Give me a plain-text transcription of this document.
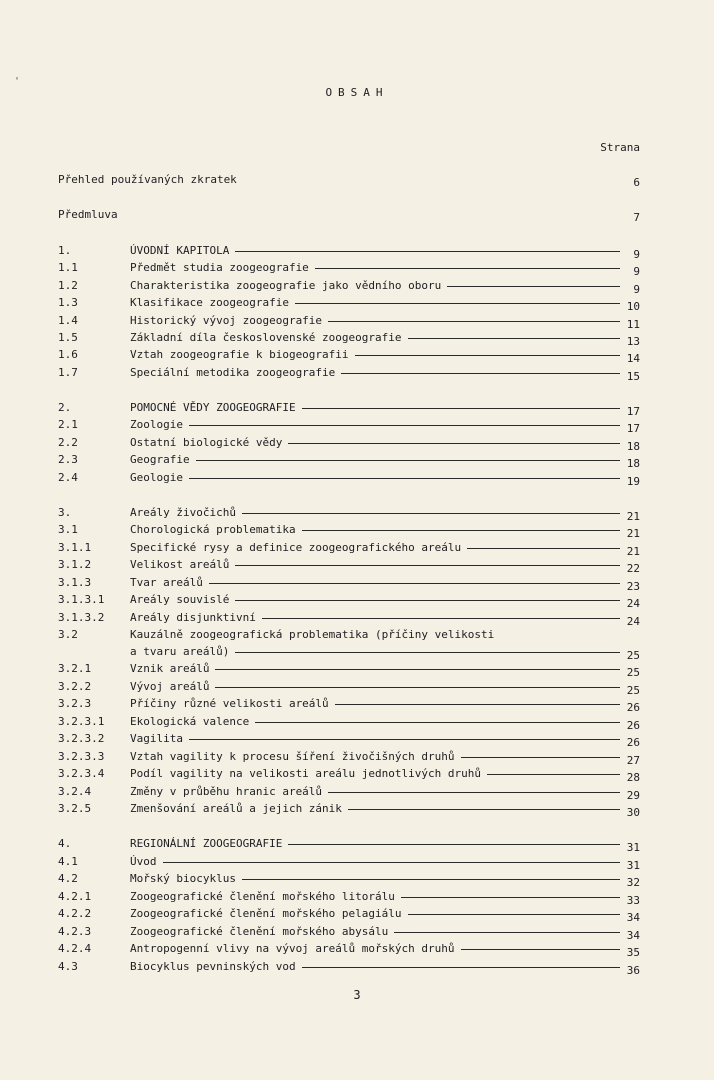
'
OBSAH
Strana
Přehled používaných zkratek	6
Předmluva	7
1.	ÚVODNÍ KAPITOLA	9
1.1	Předmět studia zoogeografie	9
1.2	Charakteristika zoogeografie jako vědního oboru	9
1.3	Klasifikace zoogeografie	10
1.4	Historický vývoj zoogeografie	11
1.5	Základní díla československé zoogeografie	13
1.6	Vztah zoogeografie k biogeografii	14
1.7	Speciální metodika zoogeografie	15
2.	POMOCNÉ VĚDY ZOOGEOGRAFIE	17
2.1	Zoologie	17
2.2	Ostatní biologické vědy	18
2.3	Geografie	18
2.4	Geologie	19
3.	Areály živočichů	21
3.1	Chorologická problematika	21
3.1.1	Specifické rysy a definice zoogeografického areálu	21
3.1.2	Velikost areálů	22
3.1.3	Tvar areálů	23
3.1.3.1	Areály souvislé	24
3.1.3.2	Areály disjunktivní	24
3.2	Kauzálně zoogeografická problematika (příčiny velikosti
a tvaru areálů)	25
3.2.1	Vznik areálů	25
3.2.2	Vývoj areálů	25
3.2.3	Příčiny různé velikosti areálů	26
3.2.3.1	Ekologická valence	26
3.2.3.2	Vagilita	26
3.2.3.3	Vztah vagility k procesu šíření živočišných druhů	27
3.2.3.4	Podíl vagility na velikosti areálu jednotlivých druhů	28
3.2.4	Změny v průběhu hranic areálů	29
3.2.5	Zmenšování areálů a jejich zánik	30
4.	REGIONÁLNÍ ZOOGEOGRAFIE	31
4.1	Úvod	31
4.2	Mořský biocyklus	32
4.2.1	Zoogeografické členění mořského litorálu	33
4.2.2	Zoogeografické členění mořského pelagiálu	34
4.2.3	Zoogeografické členění mořského abysálu	34
4.2.4	Antropogenní vlivy na vývoj areálů mořských druhů	35
4.3	Biocyklus pevninských vod	36
3
